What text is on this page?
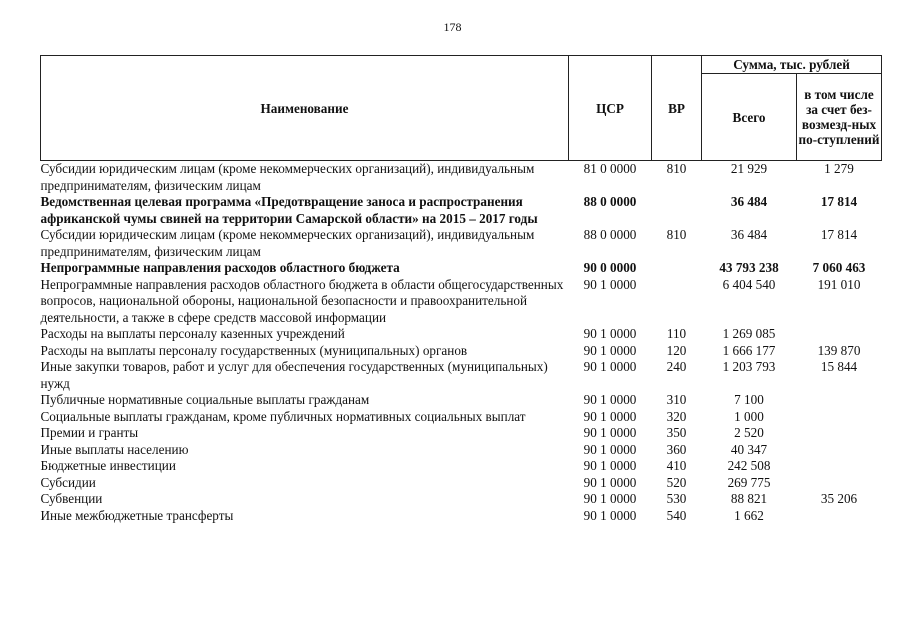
178
Наименование	ЦСР	ВР	Сумма, тыс. рублей	
			Всего	в том числе за счет без-возмезд-ных по-ступлений
Субсидии юридическим лицам (кроме некоммерческих организаций), индивидуальным предпринимателям, физическим лицам	81 0 0000	810	21 929	1 279
Ведомственная целевая программа «Предотвращение заноса и распространения африканской чумы свиней на территории Самарской области» на 2015 – 2017 годы	88 0 0000		36 484	17 814
Субсидии юридическим лицам (кроме некоммерческих организаций), индивидуальным предпринимателям, физическим лицам	88 0 0000	810	36 484	17 814
Непрограммные направления расходов областного бюджета	90 0 0000		43 793 238	7 060 463
Непрограммные направления расходов областного бюджета в области общегосударственных вопросов, национальной обороны, национальной безопасности и правоохранительной деятельности, а также в сфере средств массовой информации	90 1 0000		6 404 540	191 010
Расходы на выплаты персоналу казенных учреждений	90 1 0000	110	1 269 085	
Расходы на выплаты персоналу государственных (муниципальных) органов	90 1 0000	120	1 666 177	139 870
Иные закупки товаров, работ и услуг для обеспечения государственных (муниципальных) нужд	90 1 0000	240	1 203 793	15 844
Публичные нормативные социальные выплаты гражданам	90 1 0000	310	7 100	
Социальные выплаты гражданам, кроме публичных нормативных социальных выплат	90 1 0000	320	1 000	
Премии и гранты	90 1 0000	350	2 520	
Иные выплаты населению	90 1 0000	360	40 347	
Бюджетные инвестиции	90 1 0000	410	242 508	
Субсидии	90 1 0000	520	269 775	
Субвенции	90 1 0000	530	88 821	35 206
Иные межбюджетные трансферты	90 1 0000	540	1 662	
